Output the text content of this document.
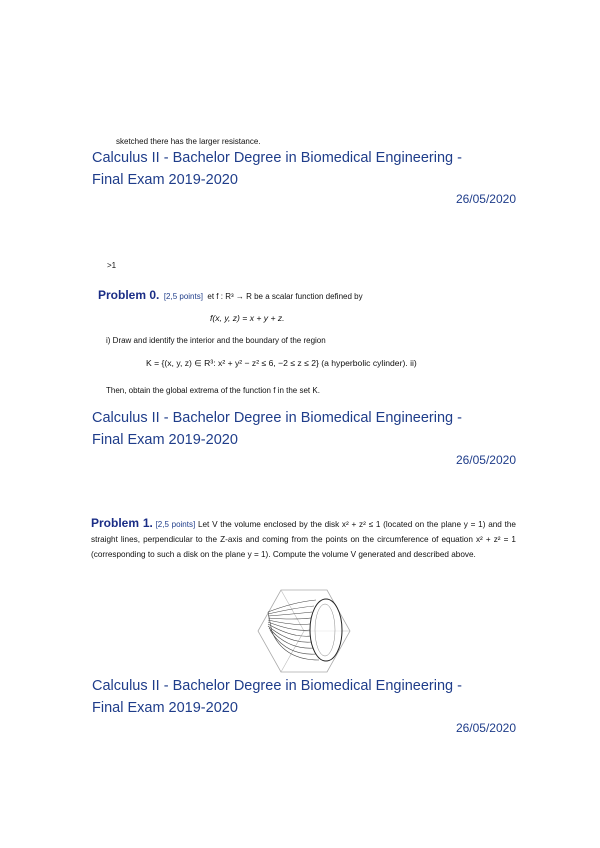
sketched there has the larger resistance.
Calculus II - Bachelor Degree in Biomedical Engineering -
Final Exam 2019-2020
26/05/2020
>1
Problem 0. [2,5 points] et f : R³ → R be a scalar function defined by
f(x, y, z) = x + y + z.
i) Draw and identify the interior and the boundary of the region
K = {(x, y, z) ∈ R³: x² + y² − z² ≤ 6, −2 ≤ z ≤ 2} (a hyperbolic cylinder). ii)
Then, obtain the global extrema of the function f in the set K.
Calculus II - Bachelor Degree in Biomedical Engineering -
Final Exam 2019-2020
26/05/2020
Problem 1. [2,5 points] Let V the volume enclosed by the disk x² + z² ≤ 1 (located on the plane y = 1) and the straight lines, perpendicular to the Z-axis and coming from the points on the circumference of equation x² + z² = 1 (corresponding to such a disk on the plane y = 1). Compute the volume V generated and described above.
Calculus II - Bachelor Degree in Biomedical Engineering -
Final Exam 2019-2020
26/05/2020
